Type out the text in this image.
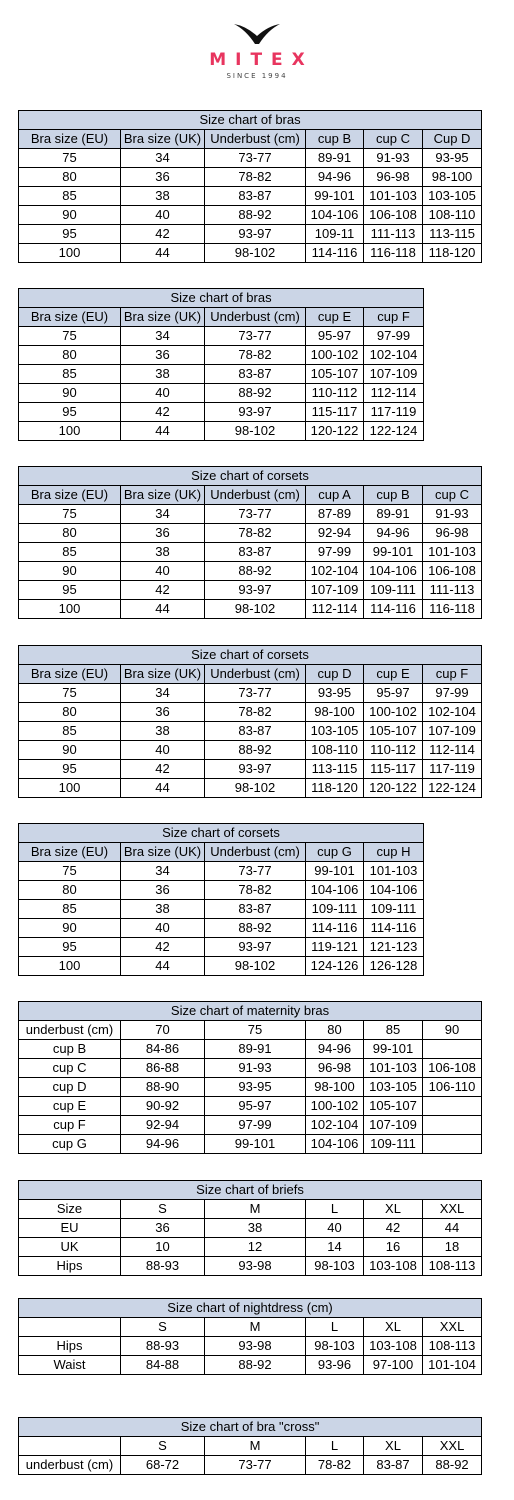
MITEX
SINCE 1994
Size chart of bras					
Bra size (EU)	Bra size (UK)	Underbust (cm)	cup B	cup C	Cup D
75	34	73-77	89-91	91-93	93-95
80	36	78-82	94-96	96-98	98-100
85	38	83-87	99-101	101-103	103-105
90	40	88-92	104-106	106-108	108-110
95	42	93-97	109-11	111-113	113-115
100	44	98-102	114-116	116-118	118-120
Size chart of bras				
Bra size (EU)	Bra size (UK)	Underbust (cm)	cup E	cup F
75	34	73-77	95-97	97-99
80	36	78-82	100-102	102-104
85	38	83-87	105-107	107-109
90	40	88-92	110-112	112-114
95	42	93-97	115-117	117-119
100	44	98-102	120-122	122-124
Size chart of corsets					
Bra size (EU)	Bra size (UK)	Underbust (cm)	cup A	cup B	cup C
75	34	73-77	87-89	89-91	91-93
80	36	78-82	92-94	94-96	96-98
85	38	83-87	97-99	99-101	101-103
90	40	88-92	102-104	104-106	106-108
95	42	93-97	107-109	109-111	111-113
100	44	98-102	112-114	114-116	116-118
Size chart of corsets					
Bra size (EU)	Bra size (UK)	Underbust (cm)	cup D	cup E	cup F
75	34	73-77	93-95	95-97	97-99
80	36	78-82	98-100	100-102	102-104
85	38	83-87	103-105	105-107	107-109
90	40	88-92	108-110	110-112	112-114
95	42	93-97	113-115	115-117	117-119
100	44	98-102	118-120	120-122	122-124
Size chart of corsets				
Bra size (EU)	Bra size (UK)	Underbust (cm)	cup G	cup H
75	34	73-77	99-101	101-103
80	36	78-82	104-106	104-106
85	38	83-87	109-111	109-111
90	40	88-92	114-116	114-116
95	42	93-97	119-121	121-123
100	44	98-102	124-126	126-128
Size chart of maternity bras					
underbust (cm)	70	75	80	85	90
cup B	84-86	89-91	94-96	99-101	
cup C	86-88	91-93	96-98	101-103	106-108
cup D	88-90	93-95	98-100	103-105	106-110
cup E	90-92	95-97	100-102	105-107	
cup F	92-94	97-99	102-104	107-109	
cup G	94-96	99-101	104-106	109-111	
Size chart of briefs					
Size	S	M	L	XL	XXL
EU	36	38	40	42	44
UK	10	12	14	16	18
Hips	88-93	93-98	98-103	103-108	108-113
Size chart of nightdress (cm)					
	S	M	L	XL	XXL
Hips	88-93	93-98	98-103	103-108	108-113
Waist	84-88	88-92	93-96	97-100	101-104
Size chart of bra "cross"					
	S	M	L	XL	XXL
underbust (cm)	68-72	73-77	78-82	83-87	88-92
